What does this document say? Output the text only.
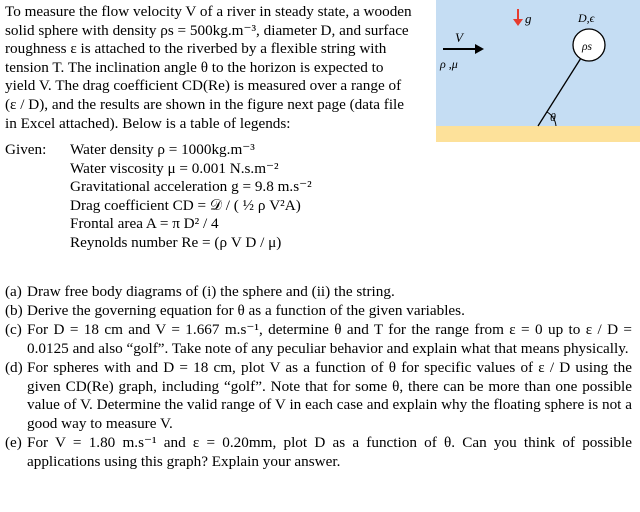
To measure the flow velocity V of a river in steady state, a wooden
solid sphere with density ρs = 500kg.m⁻³, diameter D, and surface
roughness ε is attached to the riverbed by a flexible string with
tension T. The inclination angle θ to the horizon is expected to
yield V. The drag coefficient CD(Re) is measured over a range of
(ε / D), and the results are shown in the figure next page (data file
in Excel attached). Below is a table of legends:
Given: Water density ρ = 1000kg.m⁻³
Water viscosity μ = 0.001 N.s.m⁻²
Gravitational acceleration g = 9.8 m.s⁻²
Drag coefficient CD = 𝒟 / ( ½ ρ V²A)
Frontal area A = π D² / 4
Reynolds number Re = (ρ V D / μ)
g
V
ρ ,μ
ρs
D,ϵ
θ
(a) Draw free body diagrams of (i) the sphere and (ii) the string.
(b) Derive the governing equation for θ as a function of the given variables.
(c) For D = 18 cm and V = 1.667 m.s⁻¹, determine θ and T for the range from ε = 0 up to ε / D = 0.0125 and also “golf”. Take note of any peculiar behavior and explain what that means physically.
(d) For spheres with and D = 18 cm, plot V as a function of θ for specific values of ε / D using the given CD(Re) graph, including “golf”. Note that for some θ, there can be more than one possible value of V. Determine the valid range of V in each case and explain why the floating sphere is not a good way to measure V.
(e) For V = 1.80 m.s⁻¹ and ε = 0.20mm, plot D as a function of θ. Can you think of possible applications using this graph? Explain your answer.
